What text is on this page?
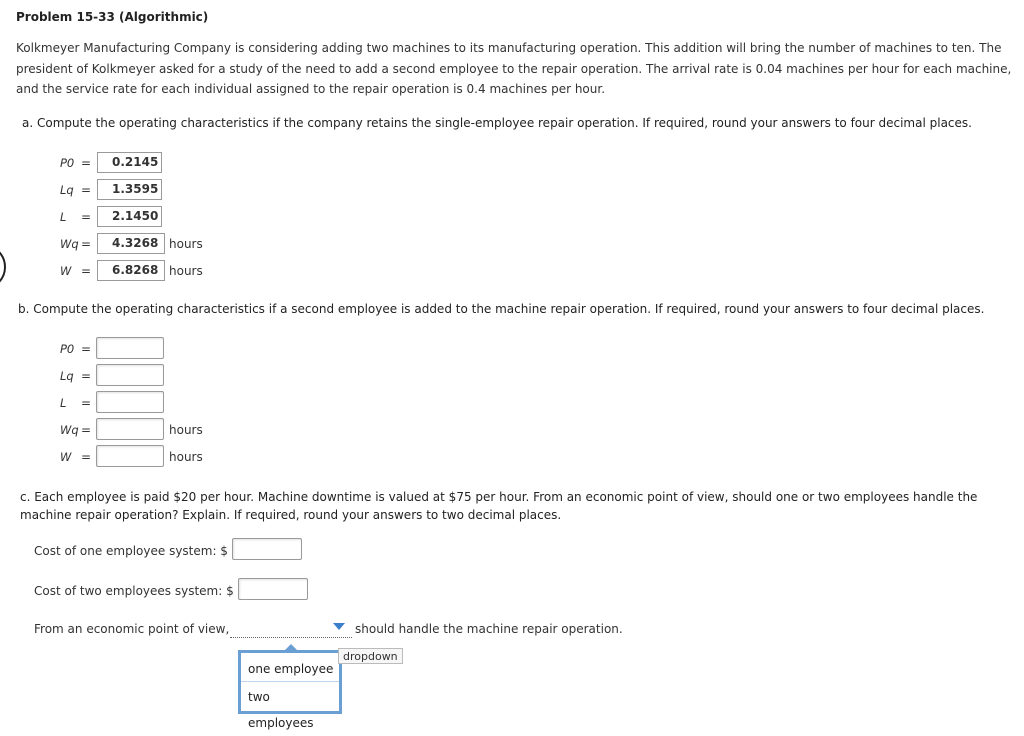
Problem 15-33 (Algorithmic)
Kolkmeyer Manufacturing Company is considering adding two machines to its manufacturing operation. This addition will bring the number of machines to ten. The president of Kolkmeyer asked for a study of the need to add a second employee to the repair operation. The arrival rate is 0.04 machines per hour for each machine, and the service rate for each individual assigned to the repair operation is 0.4 machines per hour.
a. Compute the operating characteristics if the company retains the single-employee repair operation. If required, round your answers to four decimal places.
P0 =	0.2145
Lq =	1.3595
L =	2.1450
Wq =	4.3268 hours
W =	6.8268 hours
b. Compute the operating characteristics if a second employee is added to the machine repair operation. If required, round your answers to four decimal places.
P0 =
Lq =
L =
Wq =	hours
W =	hours
c. Each employee is paid $20 per hour. Machine downtime is valued at $75 per hour. From an economic point of view, should one or two employees handle the machine repair operation? Explain. If required, round your answers to two decimal places.
Cost of one employee system: $
Cost of two employees system: $
From an economic point of view,	should handle the machine repair operation.
one employee
two employees
dropdown
